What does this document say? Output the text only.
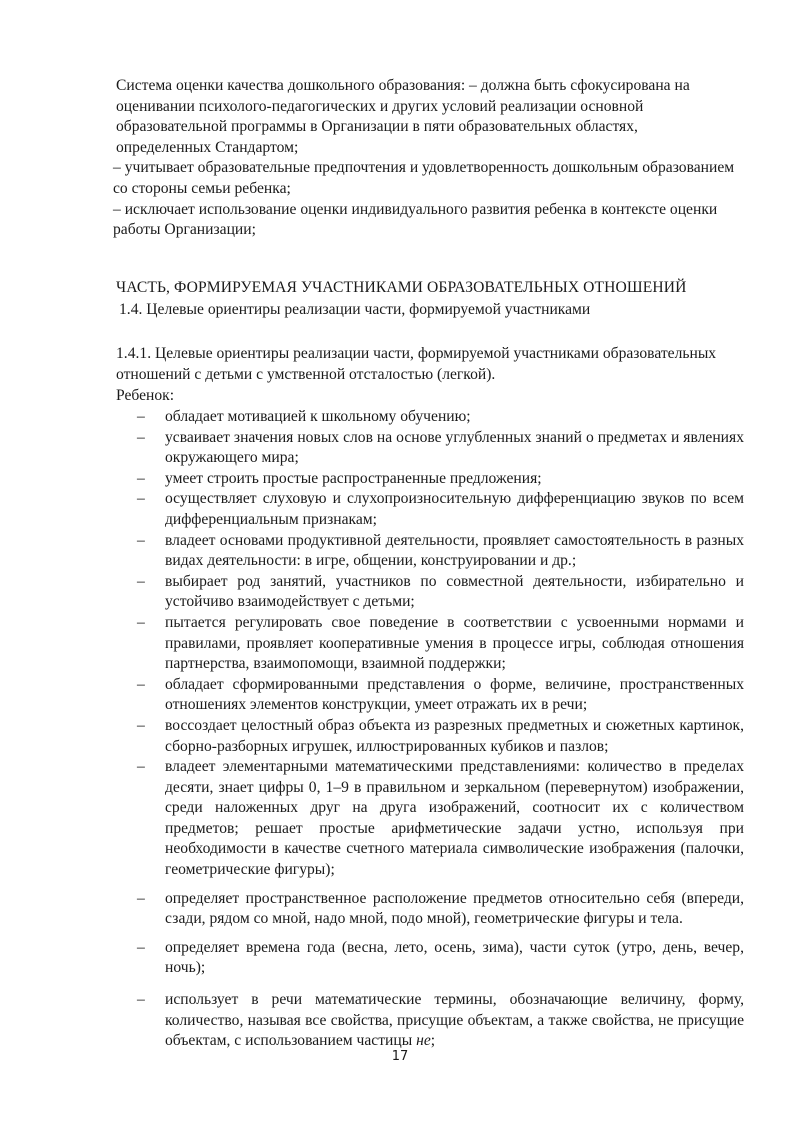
Система оценки качества дошкольного образования: – должна быть сфокусирована на оценивании психолого-педагогических и других условий реализации основной образовательной программы в Организации в пяти образовательных областях, определенных Стандартом;

– учитывает образовательные предпочтения и удовлетворенность дошкольным образованием со стороны семьи ребенка;

– исключает использование оценки индивидуального развития ребенка в контексте оценки работы Организации;

ЧАСТЬ, ФОРМИРУЕМАЯ УЧАСТНИКАМИ ОБРАЗОВАТЕЛЬНЫХ ОТНОШЕНИЙ
1.4. Целевые ориентиры реализации части, формируемой участниками

1.4.1. Целевые ориентиры реализации части, формируемой участниками образовательных отношений с детьми с умственной отсталостью (легкой).

Ребенок:

– обладает мотивацией к школьному обучению;
– усваивает значения новых слов на основе углубленных знаний о предметах и явлениях окружающего мира;
– умеет строить простые распространенные предложения;
– осуществляет слуховую и слухопроизносительную дифференциацию звуков по всем дифференциальным признакам;
– владеет основами продуктивной деятельности, проявляет самостоятельность в разных видах деятельности: в игре, общении, конструировании и др.;
– выбирает род занятий, участников по совместной деятельности, избирательно и устойчиво взаимодействует с детьми;
– пытается регулировать свое поведение в соответствии с усвоенными нормами и правилами, проявляет кооперативные умения в процессе игры, соблюдая отношения партнерства, взаимопомощи, взаимной поддержки;
– обладает сформированными представления о форме, величине, пространственных отношениях элементов конструкции, умеет отражать их в речи;
– воссоздает целостный образ объекта из разрезных предметных и сюжетных картинок, сборно-разборных игрушек, иллюстрированных кубиков и пазлов;
– владеет элементарными математическими представлениями: количество в пределах десяти, знает цифры 0, 1–9 в правильном и зеркальном (перевернутом) изображении, среди наложенных друг на друга изображений, соотносит их с количеством предметов; решает простые арифметические задачи устно, используя при необходимости в качестве счетного материала символические изображения (палочки, геометрические фигуры);
– определяет пространственное расположение предметов относительно себя (впереди, сзади, рядом со мной, надо мной, подо мной), геометрические фигуры и тела.
– определяет времена года (весна, лето, осень, зима), части суток (утро, день, вечер, ночь);
– использует в речи математические термины, обозначающие величину, форму, количество, называя все свойства, присущие объектам, а также свойства, не присущие объектам, с использованием частицы не;
17
